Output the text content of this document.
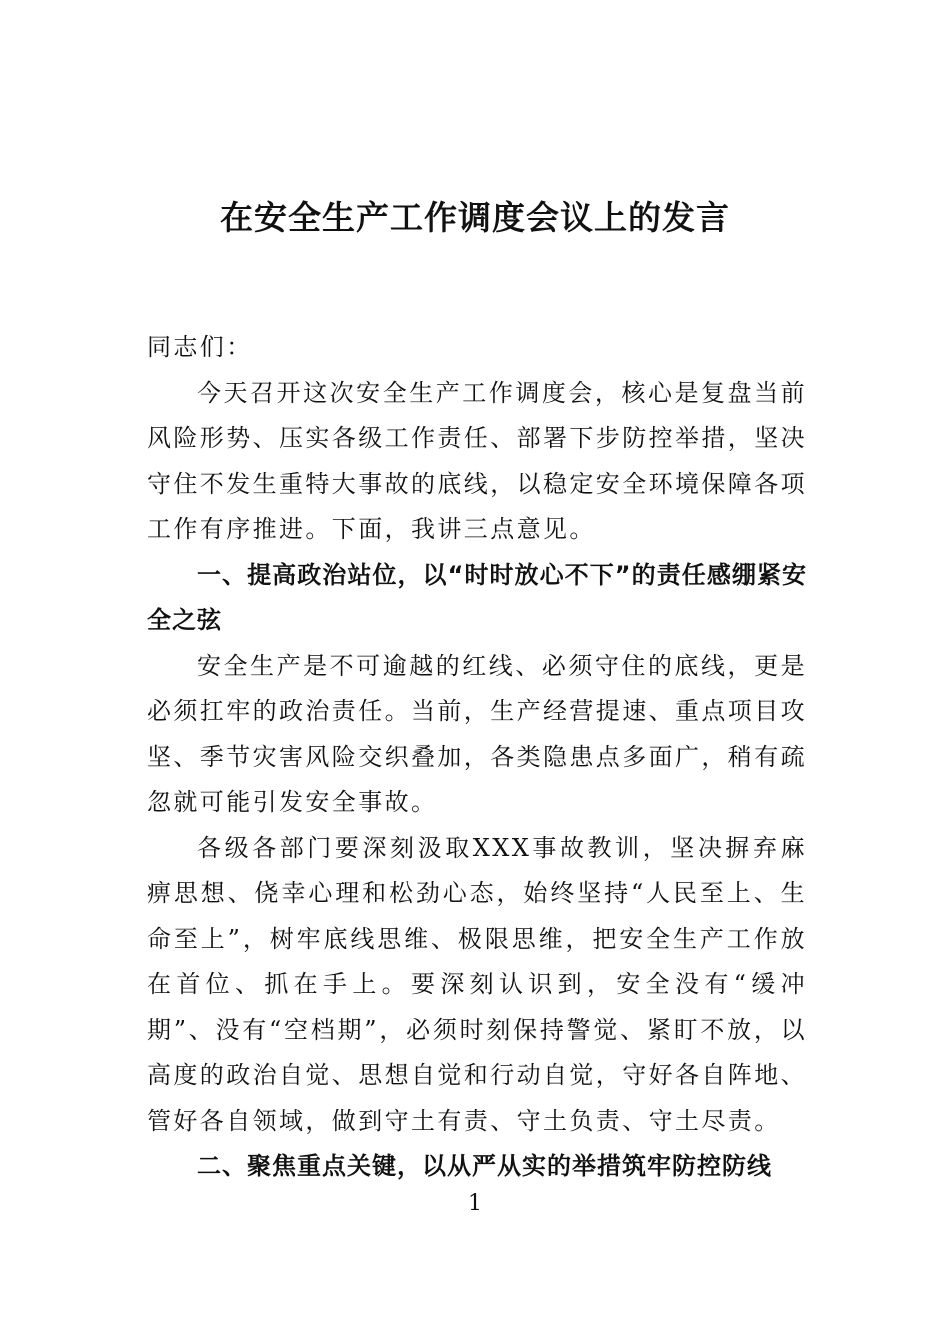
在安全生产工作调度会议上的发言

同志们：

今天召开这次安全生产工作调度会，核心是复盘当前风险形势、压实各级工作责任、部署下步防控举措，坚决守住不发生重特大事故的底线，以稳定安全环境保障各项工作有序推进。下面，我讲三点意见。

一、提高政治站位，以“时时放心不下”的责任感绷紧安全之弦

安全生产是不可逾越的红线、必须守住的底线，更是必须扛牢的政治责任。当前，生产经营提速、重点项目攻坚、季节灾害风险交织叠加，各类隐患点多面广，稍有疏忽就可能引发安全事故。

各级各部门要深刻汲取XXX事故教训，坚决摒弃麻痹思想、侥幸心理和松劲心态，始终坚持“人民至上、生命至上”，树牢底线思维、极限思维，把安全生产工作放在首位、抓在手上。要深刻认识到，安全没有“缓冲期”、没有“空档期”，必须时刻保持警觉、紧盯不放，以高度的政治自觉、思想自觉和行动自觉，守好各自阵地、管好各自领域，做到守土有责、守土负责、守土尽责。

二、聚焦重点关键，以从严从实的举措筑牢防控防线

1
